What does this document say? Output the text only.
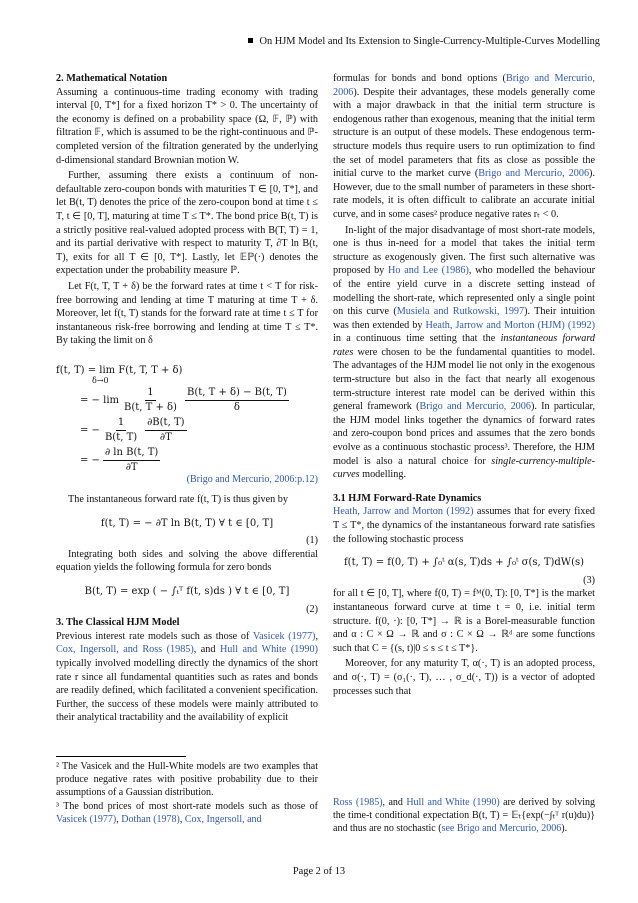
On HJM Model and Its Extension to Single-Currency-Multiple-Curves Modelling
2. Mathematical Notation

Assuming a continuous-time trading economy with trading interval [0, T*] for a fixed horizon T* > 0. The uncertainty of the economy is defined on a probability space (Ω, 𝔽, ℙ) with filtration 𝔽, which is assumed to be the right-continuous and ℙ-completed version of the filtration generated by the underlying d-dimensional standard Brownian motion W.

Further, assuming there exists a continuum of non-defaultable zero-coupon bonds with maturities T ∈ [0, T*], and let B(t, T) denotes the price of the zero-coupon bond at time t ≤ T, t ∈ [0, T], maturing at time T ≤ T*. The bond price B(t, T) is a strictly positive real-valued adopted process with B(T, T) = 1, and its partial derivative with respect to maturity T, ∂T ln B(t, T), exits for all T ∈ [0, T*]. Lastly, let 𝔼ℙ(·) denotes the expectation under the probability measure ℙ.

Let F(t, T, T + δ) be the forward rates at time t < T for risk-free borrowing and lending at time T maturing at time T + δ. Moreover, let f(t, T) stands for the forward rate at time t ≤ T for instantaneous risk-free borrowing and lending at time T ≤ T*. By taking the limit on δ

f(t, T) = lim F(t, T, T + δ)
δ→0
= − $\lim \frac{1}{B(t, T + \delta)} \frac{B(t, T + \delta) - B(t, T)}{\delta}$
= − $\frac{1}{B(t, T)} \frac{\partial B(t, T)}{\partial T}$
= − $\frac{\text{∂ ln B(t, T)}}{\partial T}$
(Brigo and Mercurio, 2006:p.12)

The instantaneous forward rate f(t, T) is thus given by

f(t, T) = − ∂T ln B(t, T) ∀ t ∈ [0, T]
(1)

Integrating both sides and solving the above differential equation yields the following formula for zero bonds

B(t, T) = exp ( − ∫ₜᵀ f(t, s)ds ) ∀ t ∈ [0, T]
(2)
3. The Classical HJM Model

Previous interest rate models such as those of Vasicek (1977), Cox, Ingersoll, and Ross (1985), and Hull and White (1990) typically involved modelling directly the dynamics of the short rate r since all fundamental quantities such as rates and bonds are readily defined, which facilitated a convenient specification. Further, the success of these models were mainly attributed to their analytical tractability and the availability of explicit

² The Vasicek and the Hull-White models are two examples that produce negative rates with positive probability due to their assumptions of a Gaussian distribution.

³ The bond prices of most short-rate models such as those of Vasicek (1977), Dothan (1978), Cox, Ingersoll, and

formulas for bonds and bond options (Brigo and Mercurio, 2006). Despite their advantages, these models generally come with a major drawback in that the initial term structure is endogenous rather than exogenous, meaning that the initial term structure is an output of these models. These endogenous term-structure models thus require users to run optimization to find the set of model parameters that fits as close as possible the initial curve to the market curve (Brigo and Mercurio, 2006). However, due to the small number of parameters in these short-rate models, it is often difficult to calibrate an accurate initial curve, and in some cases² produce negative rates rₜ < 0.

In-light of the major disadvantage of most short-rate models, one is thus in-need for a model that takes the initial term structure as exogenously given. The first such alternative was proposed by Ho and Lee (1986), who modelled the behaviour of the entire yield curve in a discrete setting instead of modelling the short-rate, which represented only a single point on this curve (Musiela and Rutkowski, 1997). Their intuition was then extended by Heath, Jarrow and Morton (HJM) (1992) in a continuous time setting that the instantaneous forward rates were chosen to be the fundamental quantities to model. The advantages of the HJM model lie not only in the exogenous term-structure but also in the fact that nearly all exogenous term-structure interest rate model can be derived within this general framework (Brigo and Mercurio, 2006). In particular, the HJM model links together the dynamics of forward rates and zero-coupon bond prices and assumes that the zero bonds evolve as a continuous stochastic process³. Therefore, the HJM model is also a natural choice for single-currency-multiple-curves modelling.

3.1 HJM Forward-Rate Dynamics

Heath, Jarrow and Morton (1992) assumes that for every fixed T ≤ T*, the dynamics of the instantaneous forward rate satisfies the following stochastic process

f(t, T) = f(0, T) + ∫₀ᵗ α(s, T)ds + ∫₀ᵗ σ(s, T)dW(s)
(3)

for all t ∈ [0, T], where f(0, T) = fᴹ(0, T): [0, T*] is the market instantaneous forward curve at time t = 0, i.e. initial term structure. f(0, ·): [0, T*] → ℝ is a Borel-measurable function and α : C × Ω → ℝ and σ : C × Ω → ℝᵈ are some functions such that C = {(s, t)|0 ≤ s ≤ t ≤ T*}.

Moreover, for any maturity T, α(·, T) is an adopted process, and σ(·, T) = (σ₁(·, T), … , σ_d(·, T)) is a vector of adopted processes such that

Ross (1985), and Hull and White (1990) are derived by solving the time-t conditional expectation B(t, T) = 𝔼ₜ{exp(−∫ₜᵀ r(u)du)} and thus are no stochastic (see Brigo and Mercurio, 2006).
Page 2 of 13
